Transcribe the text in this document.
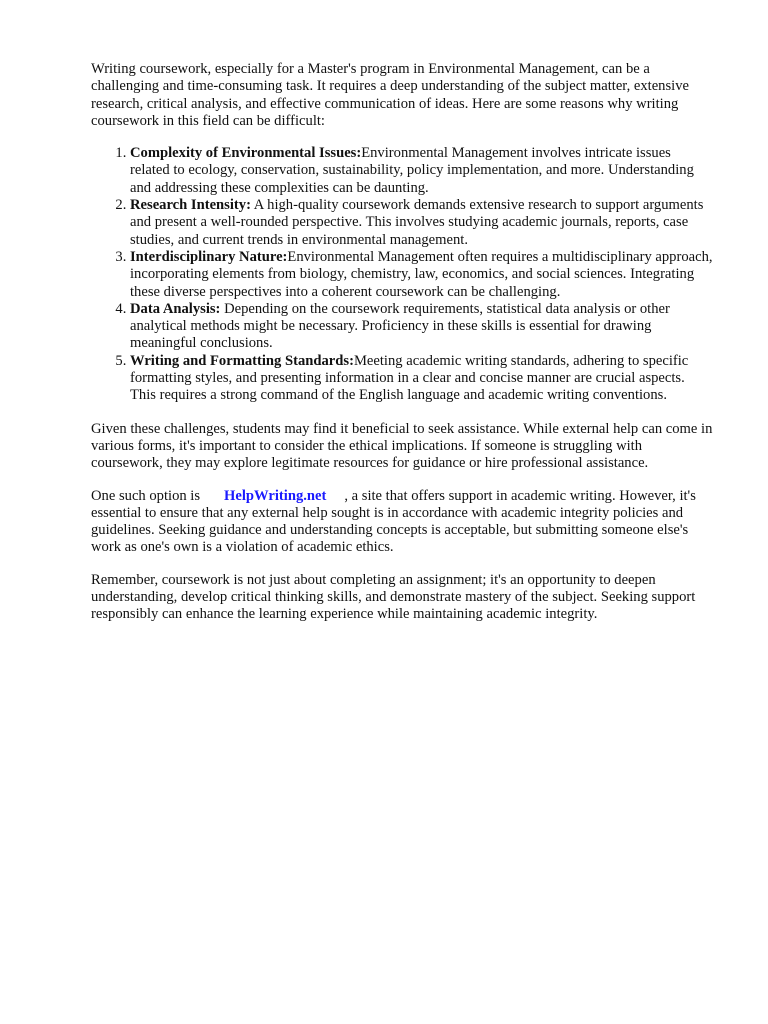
Writing coursework, especially for a Master's program in Environmental Management, can be a challenging and time-consuming task. It requires a deep understanding of the subject matter, extensive research, critical analysis, and effective communication of ideas. Here are some reasons why writing coursework in this field can be difficult:

1. Complexity of Environmental Issues:Environmental Management involves intricate issues related to ecology, conservation, sustainability, policy implementation, and more. Understanding and addressing these complexities can be daunting.
2. Research Intensity: A high-quality coursework demands extensive research to support arguments and present a well-rounded perspective. This involves studying academic journals, reports, case studies, and current trends in environmental management.
3. Interdisciplinary Nature:Environmental Management often requires a multidisciplinary approach, incorporating elements from biology, chemistry, law, economics, and social sciences. Integrating these diverse perspectives into a coherent coursework can be challenging.
4. Data Analysis: Depending on the coursework requirements, statistical data analysis or other analytical methods might be necessary. Proficiency in these skills is essential for drawing meaningful conclusions.
5. Writing and Formatting Standards:Meeting academic writing standards, adhering to specific formatting styles, and presenting information in a clear and concise manner are crucial aspects. This requires a strong command of the English language and academic writing conventions.

Given these challenges, students may find it beneficial to seek assistance. While external help can come in various forms, it's important to consider the ethical implications. If someone is struggling with coursework, they may explore legitimate resources for guidance or hire professional assistance.

One such option is HelpWriting.net , a site that offers support in academic writing. However, it's essential to ensure that any external help sought is in accordance with academic integrity policies and guidelines. Seeking guidance and understanding concepts is acceptable, but submitting someone else's work as one's own is a violation of academic ethics.

Remember, coursework is not just about completing an assignment; it's an opportunity to deepen understanding, develop critical thinking skills, and demonstrate mastery of the subject. Seeking support responsibly can enhance the learning experience while maintaining academic integrity.
